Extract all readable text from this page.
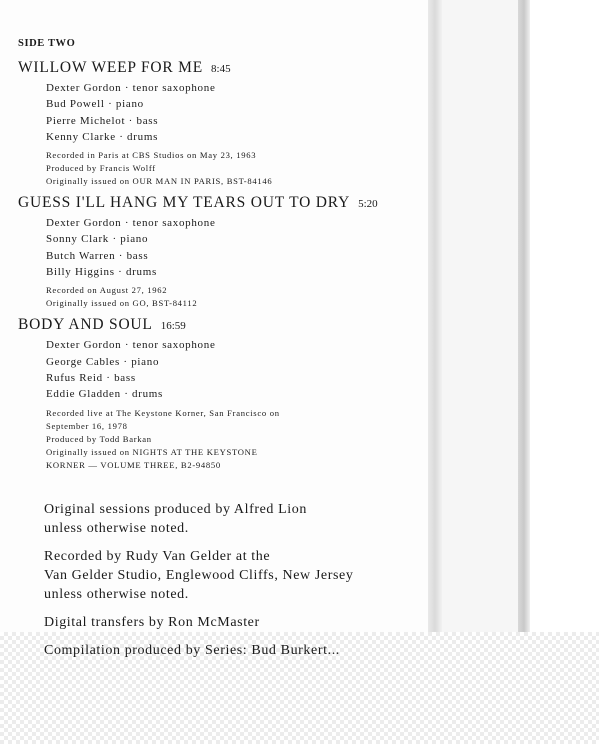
SIDE TWO
WILLOW WEEP FOR ME 8:45
Dexter Gordon · tenor saxophone
Bud Powell · piano
Pierre Michelot · bass
Kenny Clarke · drums
Recorded in Paris at CBS Studios on May 23, 1963
Produced by Francis Wolff
Originally issued on OUR MAN IN PARIS, BST-84146
GUESS I'LL HANG MY TEARS OUT TO DRY 5:20
Dexter Gordon · tenor saxophone
Sonny Clark · piano
Butch Warren · bass
Billy Higgins · drums
Recorded on August 27, 1962
Originally issued on GO, BST-84112
BODY AND SOUL 16:59
Dexter Gordon · tenor saxophone
George Cables · piano
Rufus Reid · bass
Eddie Gladden · drums
Recorded live at The Keystone Korner, San Francisco on
September 16, 1978
Produced by Todd Barkan
Originally issued on NIGHTS AT THE KEYSTONE
KORNER — VOLUME THREE, B2-94850
Original sessions produced by Alfred Lion
unless otherwise noted.
Recorded by Rudy Van Gelder at the
Van Gelder Studio, Englewood Cliffs, New Jersey
unless otherwise noted.
Digital transfers by Ron McMaster
Compilation produced by Series: Bud Burkert...
